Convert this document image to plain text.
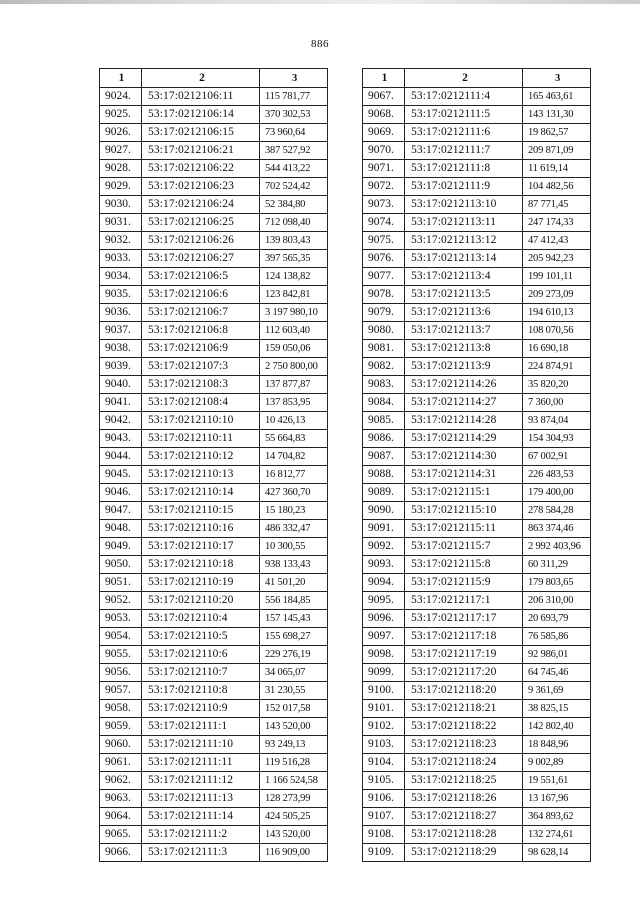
886
1	2	3
9024.	53:17:0212106:11	115 781,77
9025.	53:17:0212106:14	370 302,53
9026.	53:17:0212106:15	73 960,64
9027.	53:17:0212106:21	387 527,92
9028.	53:17:0212106:22	544 413,22
9029.	53:17:0212106:23	702 524,42
9030.	53:17:0212106:24	52 384,80
9031.	53:17:0212106:25	712 098,40
9032.	53:17:0212106:26	139 803,43
9033.	53:17:0212106:27	397 565,35
9034.	53:17:0212106:5	124 138,82
9035.	53:17:0212106:6	123 842,81
9036.	53:17:0212106:7	3 197 980,10
9037.	53:17:0212106:8	112 603,40
9038.	53:17:0212106:9	159 050,06
9039.	53:17:0212107:3	2 750 800,00
9040.	53:17:0212108:3	137 877,87
9041.	53:17:0212108:4	137 853,95
9042.	53:17:0212110:10	10 426,13
9043.	53:17:0212110:11	55 664,83
9044.	53:17:0212110:12	14 704,82
9045.	53:17:0212110:13	16 812,77
9046.	53:17:0212110:14	427 360,70
9047.	53:17:0212110:15	15 180,23
9048.	53:17:0212110:16	486 332,47
9049.	53:17:0212110:17	10 300,55
9050.	53:17:0212110:18	938 133,43
9051.	53:17:0212110:19	41 501,20
9052.	53:17:0212110:20	556 184,85
9053.	53:17:0212110:4	157 145,43
9054.	53:17:0212110:5	155 698,27
9055.	53:17:0212110:6	229 276,19
9056.	53:17:0212110:7	34 065,07
9057.	53:17:0212110:8	31 230,55
9058.	53:17:0212110:9	152 017,58
9059.	53:17:0212111:1	143 520,00
9060.	53:17:0212111:10	93 249,13
9061.	53:17:0212111:11	119 516,28
9062.	53:17:0212111:12	1 166 524,58
9063.	53:17:0212111:13	128 273,99
9064.	53:17:0212111:14	424 505,25
9065.	53:17:0212111:2	143 520,00
9066.	53:17:0212111:3	116 909,00
1	2	3
9067.	53:17:0212111:4	165 463,61
9068.	53:17:0212111:5	143 131,30
9069.	53:17:0212111:6	19 862,57
9070.	53:17:0212111:7	209 871,09
9071.	53:17:0212111:8	11 619,14
9072.	53:17:0212111:9	104 482,56
9073.	53:17:0212113:10	87 771,45
9074.	53:17:0212113:11	247 174,33
9075.	53:17:0212113:12	47 412,43
9076.	53:17:0212113:14	205 942,23
9077.	53:17:0212113:4	199 101,11
9078.	53:17:0212113:5	209 273,09
9079.	53:17:0212113:6	194 610,13
9080.	53:17:0212113:7	108 070,56
9081.	53:17:0212113:8	16 690,18
9082.	53:17:0212113:9	224 874,91
9083.	53:17:0212114:26	35 820,20
9084.	53:17:0212114:27	7 360,00
9085.	53:17:0212114:28	93 874,04
9086.	53:17:0212114:29	154 304,93
9087.	53:17:0212114:30	67 002,91
9088.	53:17:0212114:31	226 483,53
9089.	53:17:0212115:1	179 400,00
9090.	53:17:0212115:10	278 584,28
9091.	53:17:0212115:11	863 374,46
9092.	53:17:0212115:7	2 992 403,96
9093.	53:17:0212115:8	60 311,29
9094.	53:17:0212115:9	179 803,65
9095.	53:17:0212117:1	206 310,00
9096.	53:17:0212117:17	20 693,79
9097.	53:17:0212117:18	76 585,86
9098.	53:17:0212117:19	92 986,01
9099.	53:17:0212117:20	64 745,46
9100.	53:17:0212118:20	9 361,69
9101.	53:17:0212118:21	38 825,15
9102.	53:17:0212118:22	142 802,40
9103.	53:17:0212118:23	18 848,96
9104.	53:17:0212118:24	9 002,89
9105.	53:17:0212118:25	19 551,61
9106.	53:17:0212118:26	13 167,96
9107.	53:17:0212118:27	364 893,62
9108.	53:17:0212118:28	132 274,61
9109.	53:17:0212118:29	98 628,14
